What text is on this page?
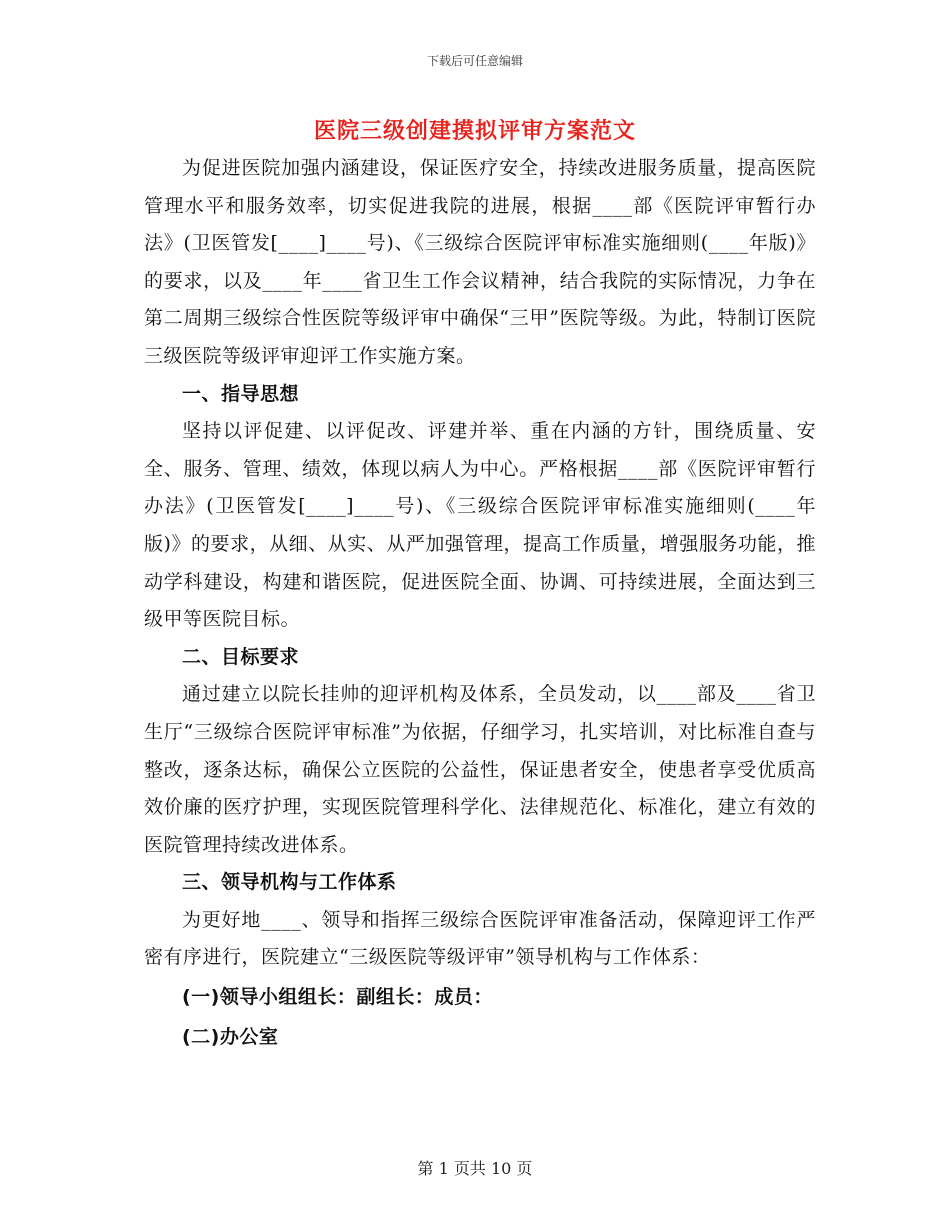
下载后可任意编辑
医院三级创建摸拟评审方案范文

为促进医院加强内涵建设，保证医疗安全，持续改进服务质量，提高医院管理水平和服务效率，切实促进我院的进展，根据____部《医院评审暂行办法》(卫医管发[____]____号)、《三级综合医院评审标准实施细则(____年版)》的要求，以及____年____省卫生工作会议精神，结合我院的实际情况，力争在第二周期三级综合性医院等级评审中确保“三甲”医院等级。为此，特制订医院三级医院等级评审迎评工作实施方案。

一、指导思想

坚持以评促建、以评促改、评建并举、重在内涵的方针，围绕质量、安全、服务、管理、绩效，体现以病人为中心。严格根据____部《医院评审暂行办法》(卫医管发[____]____号)、《三级综合医院评审标准实施细则(____年版)》的要求，从细、从实、从严加强管理，提高工作质量，增强服务功能，推动学科建设，构建和谐医院，促进医院全面、协调、可持续进展，全面达到三级甲等医院目标。

二、目标要求

通过建立以院长挂帅的迎评机构及体系，全员发动，以____部及____省卫生厅“三级综合医院评审标准”为依据，仔细学习，扎实培训，对比标准自查与整改，逐条达标，确保公立医院的公益性，保证患者安全，使患者享受优质高效价廉的医疗护理，实现医院管理科学化、法律规范化、标准化，建立有效的医院管理持续改进体系。

三、领导机构与工作体系

为更好地____、领导和指挥三级综合医院评审准备活动，保障迎评工作严密有序进行，医院建立“三级医院等级评审”领导机构与工作体系：

(一)领导小组组长：副组长：成员：

(二)办公室

第 1 页共 10 页
